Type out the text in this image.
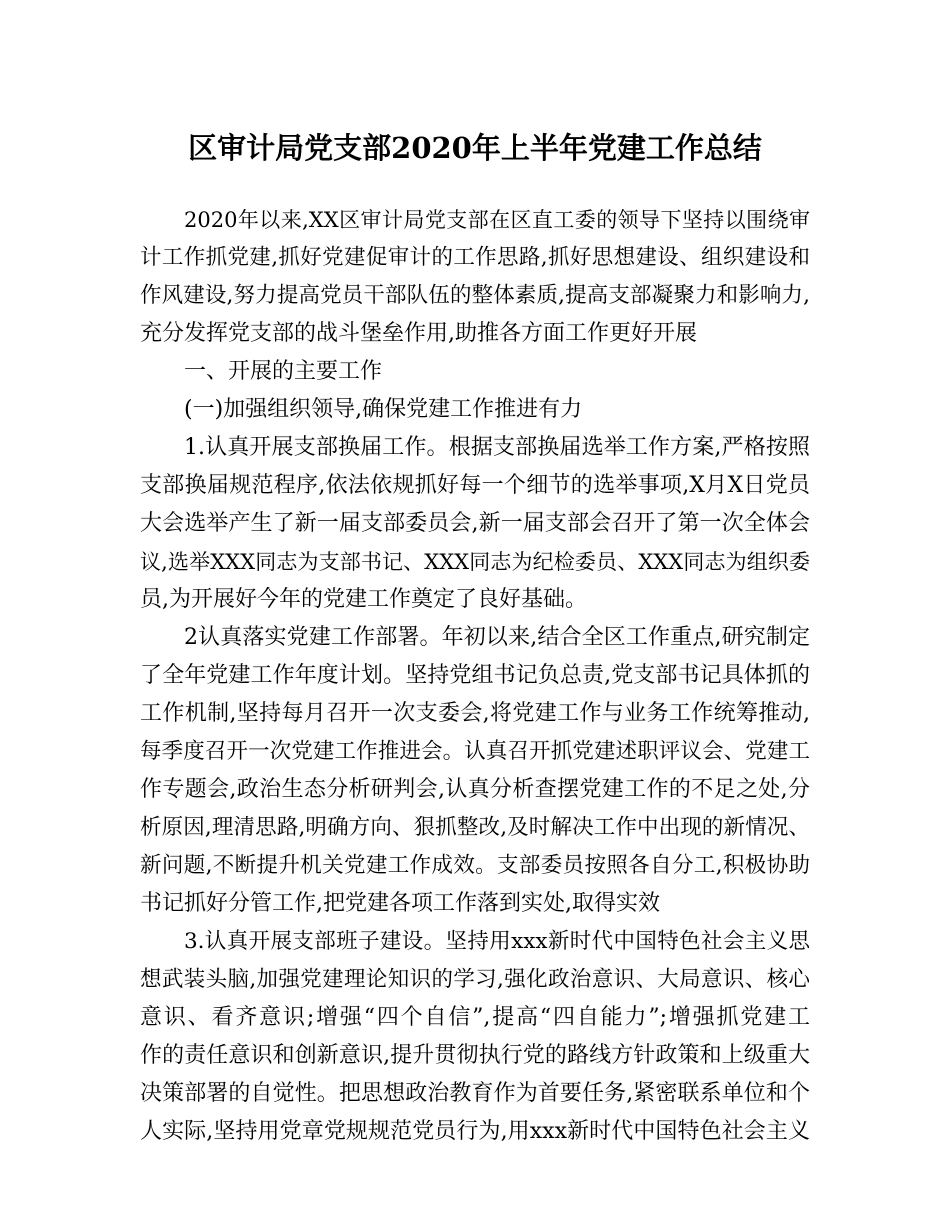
区审计局党支部2020年上半年党建工作总结
2020年以来,XX区审计局党支部在区直工委的领导下坚持以围绕审
计工作抓党建,抓好党建促审计的工作思路,抓好思想建设、组织建设和
作风建设,努力提高党员干部队伍的整体素质,提高支部凝聚力和影响力,
充分发挥党支部的战斗堡垒作用,助推各方面工作更好开展
一、开展的主要工作
(一)加强组织领导,确保党建工作推进有力
1.认真开展支部换届工作。根据支部换届选举工作方案,严格按照
支部换届规范程序,依法依规抓好每一个细节的选举事项,X月X日党员
大会选举产生了新一届支部委员会,新一届支部会召开了第一次全体会
议,选举XXX同志为支部书记、XXX同志为纪检委员、XXX同志为组织委
员,为开展好今年的党建工作奠定了良好基础。
2认真落实党建工作部署。年初以来,结合全区工作重点,研究制定
了全年党建工作年度计划。坚持党组书记负总责,党支部书记具体抓的
工作机制,坚持每月召开一次支委会,将党建工作与业务工作统筹推动,
每季度召开一次党建工作推进会。认真召开抓党建述职评议会、党建工
作专题会,政治生态分析研判会,认真分析查摆党建工作的不足之处,分
析原因,理清思路,明确方向、狠抓整改,及时解决工作中出现的新情况、
新问题,不断提升机关党建工作成效。支部委员按照各自分工,积极协助
书记抓好分管工作,把党建各项工作落到实处,取得实效
3.认真开展支部班子建设。坚持用xxx新时代中国特色社会主义思
想武装头脑,加强党建理论知识的学习,强化政治意识、大局意识、核心
意识、看齐意识;增强“四个自信”,提高“四自能力”;增强抓党建工
作的责任意识和创新意识,提升贯彻执行党的路线方针政策和上级重大
决策部署的自觉性。把思想政治教育作为首要任务,紧密联系单位和个
人实际,坚持用党章党规规范党员行为,用xxx新时代中国特色社会主义
